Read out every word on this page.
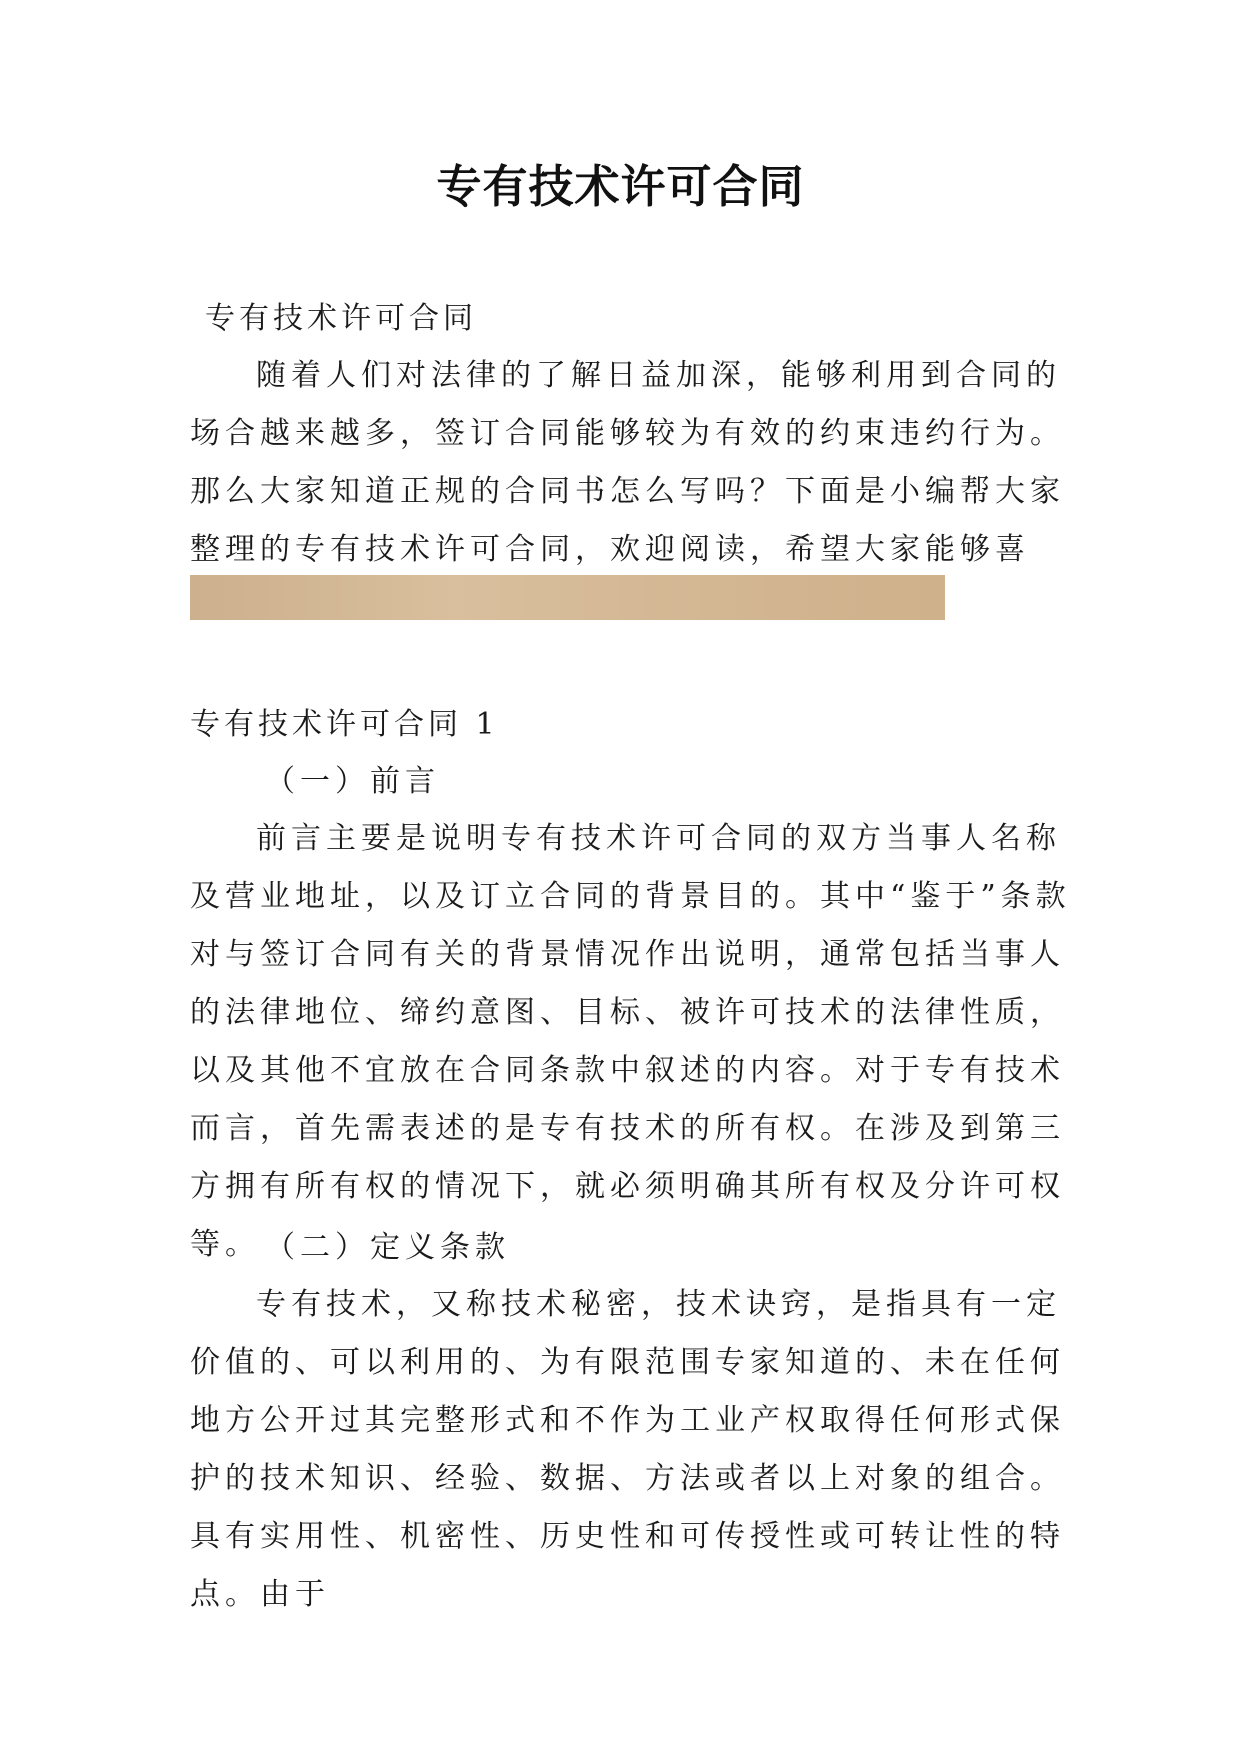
专有技术许可合同

专有技术许可合同

随着人们对法律的了解日益加深，能够利用到合同的场合越来越多，签订合同能够较为有效的约束违约行为。那么大家知道正规的合同书怎么写吗？下面是小编帮大家整理的专有技术许可合同，欢迎阅读，希望大家能够喜

专有技术许可合同 1

（一）前言

前言主要是说明专有技术许可合同的双方当事人名称及营业地址，以及订立合同的背景目的。其中“鉴于”条款对与签订合同有关的背景情况作出说明，通常包括当事人的法律地位、缔约意图、目标、被许可技术的法律性质，以及其他不宜放在合同条款中叙述的内容。对于专有技术而言，首先需表述的是专有技术的所有权。在涉及到第三方拥有所有权的情况下，就必须明确其所有权及分许可权等。 （二）定义条款

专有技术，又称技术秘密，技术诀窍，是指具有一定价值的、可以利用的、为有限范围专家知道的、未在任何地方公开过其完整形式和不作为工业产权取得任何形式保护的技术知识、经验、数据、方法或者以上对象的组合。具有实用性、机密性、历史性和可传授性或可转让性的特点。由于
